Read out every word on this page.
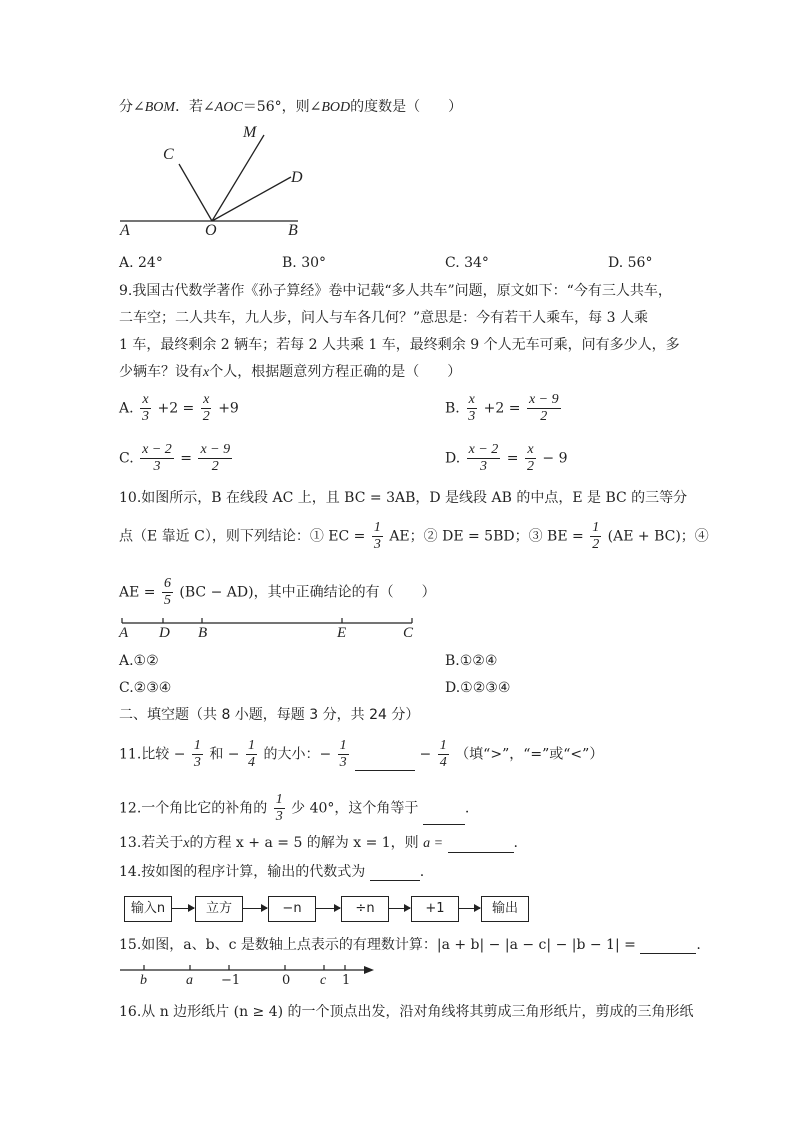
分∠BOM．若∠AOC＝56°，则∠BOD的度数是（　　）
A	O	B
C
M
D
A. 24°	B. 30°	C. 34°	D. 56°
9.我国古代数学著作《孙子算经》卷中记载“多人共车”问题，原文如下：“今有三人共车，
二车空；二人共车，九人步，问人与车各几何？”意思是：今有若干人乘车，每 3 人乘
1 车，最终剩余 2 辆车；若每 2 人共乘 1 车，最终剩余 9 个人无车可乘，问有多少人，多
少辆车？设有x个人，根据题意列方程正确的是（　　）
A. $\frac{x}{3} +2 = \frac{x}{2} +9$	B. $\frac{x}{3} +2 = \frac{x - 9}{2}$
C. $\frac{x - 2}{3} = \frac{x - 9}{2}$	D. $\frac{x - 2}{3} = \frac{x}{2} - 9$
10.如图所示，B 在线段 AC 上，且 BC = 3AB，D 是线段 AB 的中点，E 是 BC 的三等分
点（E 靠近 C），则下列结论：① EC = $\frac{1}{3}$ AE；② DE = 5BD；③ BE = $\frac{1}{2} (AE + BC)$；④
AE = $\frac{6}{5} (BC - AD)$，其中正确结论的有（　　）
A D B	E	C
A.①②	B.①②④
C.②③④	D.①②③④
二、填空题（共 8 小题，每题 3 分，共 24 分）
11.比较 − $\frac{1}{3}$ 和 − $\frac{1}{4}$ 的大小：− $\frac{1}{3}$	− $\frac{1}{4}$ （填“>”，“=”或“<”）
12.一个角比它的补角的 $\frac{1}{3}$ 少 40°，这个角等于	.
13.若关于x的方程 x + a = 5 的解为 x = 1，则 a =	.
14.按如图的程序计算，输出的代数式为	.
输入n	立方	−n	÷n	+1	输出
15.如图，a、b、c 是数轴上点表示的有理数计算：|a + b| − |a − c| − |b − 1| =	.
b	a −1	0 c 1
16.从 n 边形纸片 (n ≥ 4) 的一个顶点出发，沿对角线将其剪成三角形纸片，剪成的三角形纸
